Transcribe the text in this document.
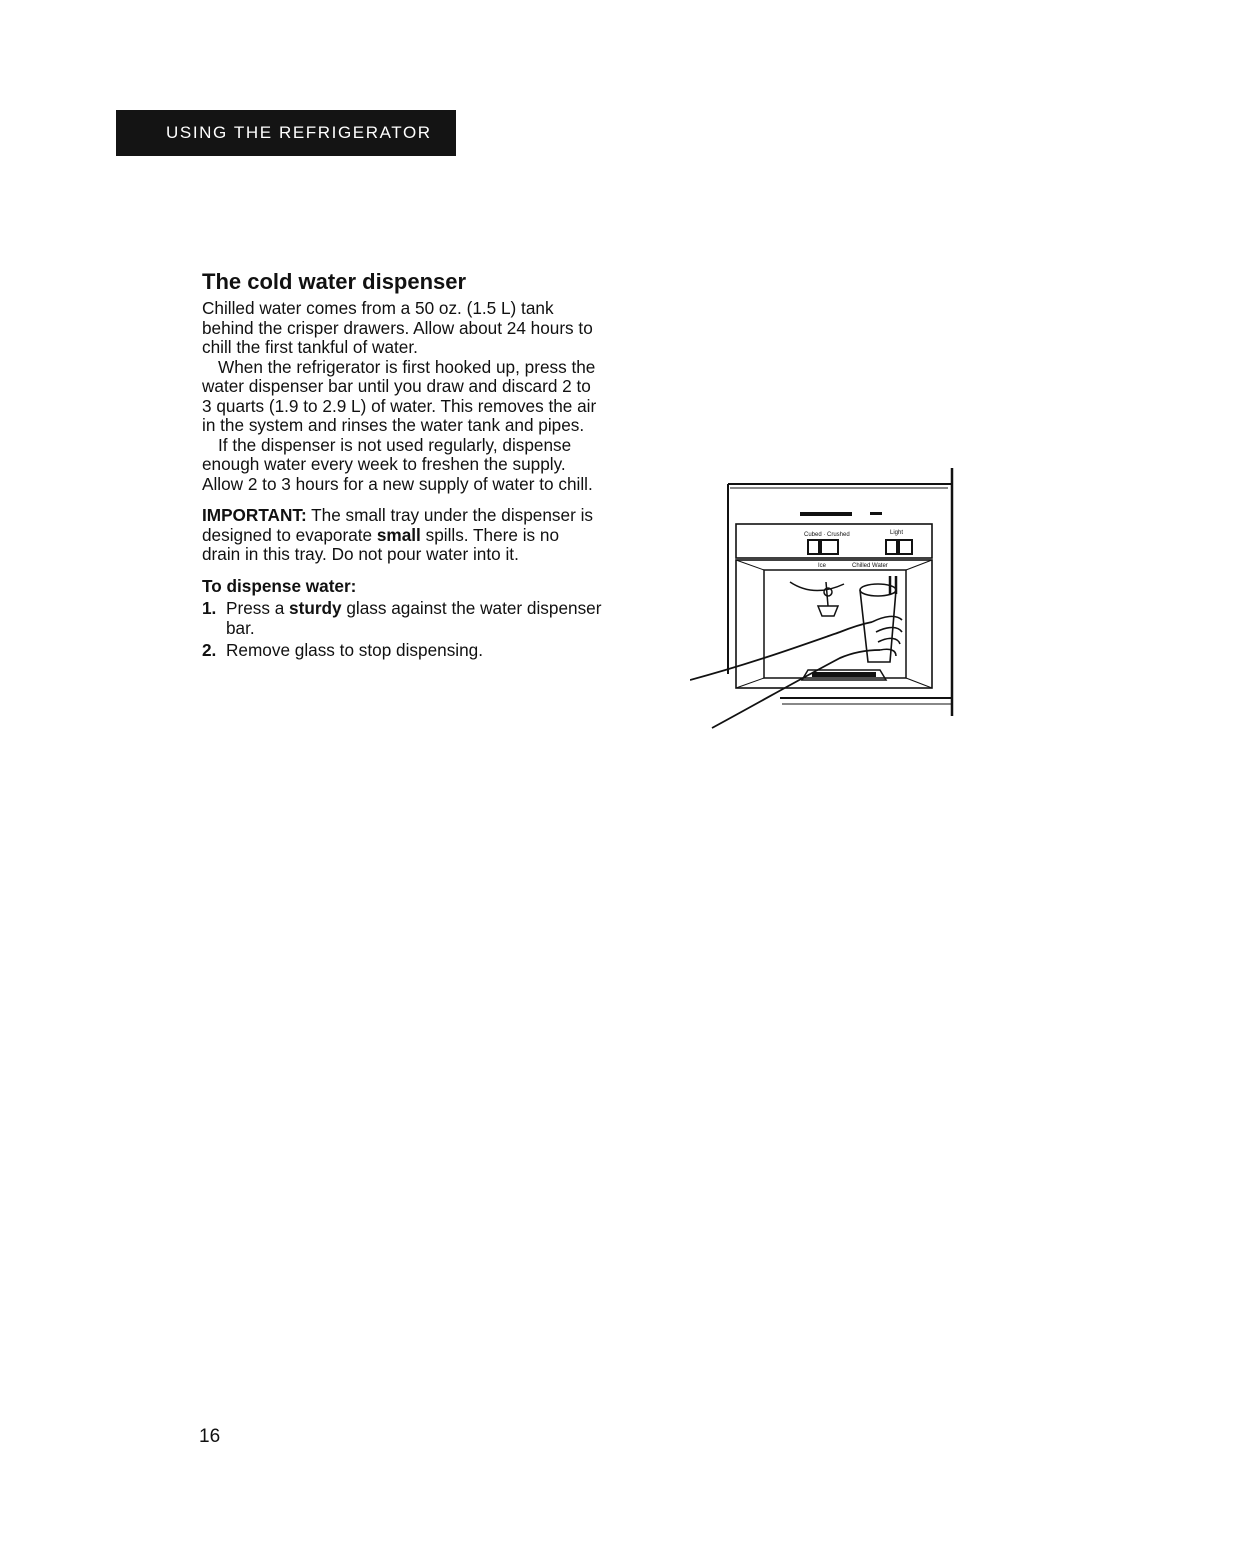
USING THE REFRIGERATOR
The cold water dispenser

Chilled water comes from a 50 oz. (1.5 L) tank behind the crisper drawers. Allow about 24 hours to chill the first tankful of water.

When the refrigerator is first hooked up, press the water dispenser bar until you draw and discard 2 to 3 quarts (1.9 to 2.9 L) of water. This removes the air in the system and rinses the water tank and pipes.

If the dispenser is not used regularly, dispense enough water every week to freshen the supply. Allow 2 to 3 hours for a new supply of water to chill.

IMPORTANT: The small tray under the dispenser is designed to evaporate small spills. There is no drain in this tray. Do not pour water into it.

To dispense water:
1. Press a sturdy glass against the water dispenser bar.
2. Remove glass to stop dispensing.
Cubed · Crushed	Light
Ice	Chilled Water
16
